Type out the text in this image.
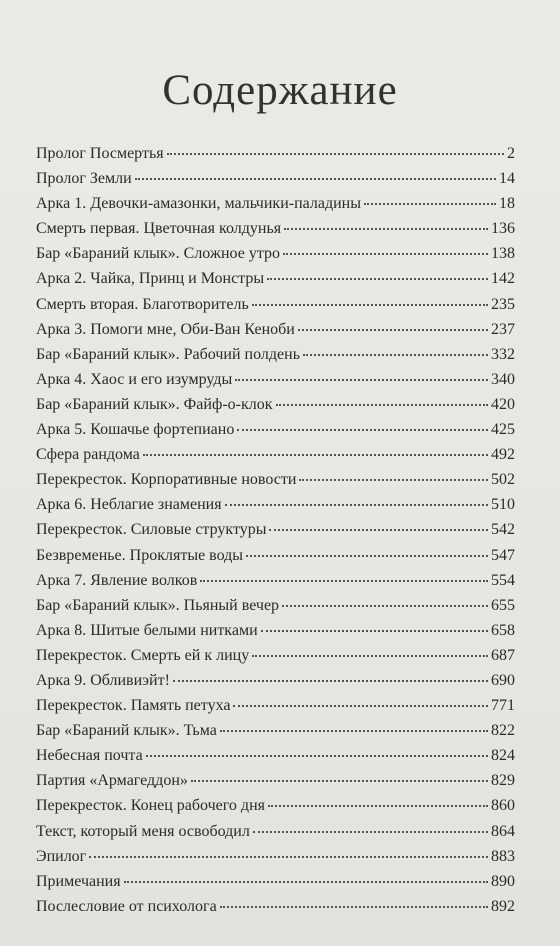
Содержание
Пролог Посмертья	2
Пролог Земли	14
Арка 1. Девочки-амазонки, мальчики-паладины	18
Смерть первая. Цветочная колдунья	136
Бар «Бараний клык». Сложное утро	138
Арка 2. Чайка, Принц и Монстры	142
Смерть вторая. Благотворитель	235
Арка 3. Помоги мне, Оби-Ван Кеноби	237
Бар «Бараний клык». Рабочий полдень	332
Арка 4. Хаос и его изумруды	340
Бар «Бараний клык». Файф-о-клок	420
Арка 5. Кошачье фортепиано	425
Сфера рандома	492
Перекресток. Корпоративные новости	502
Арка 6. Неблагие знамения	510
Перекресток. Силовые структуры	542
Безвременье. Проклятые воды	547
Арка 7. Явление волков	554
Бар «Бараний клык». Пьяный вечер	655
Арка 8. Шитые белыми нитками	658
Перекресток. Смерть ей к лицу	687
Арка 9. Обливиэйт!	690
Перекресток. Память петуха	771
Бар «Бараний клык». Тьма	822
Небесная почта	824
Партия «Армагеддон»	829
Перекресток. Конец рабочего дня	860
Текст, который меня освободил	864
Эпилог	883
Примечания	890
Послесловие от психолога	892
